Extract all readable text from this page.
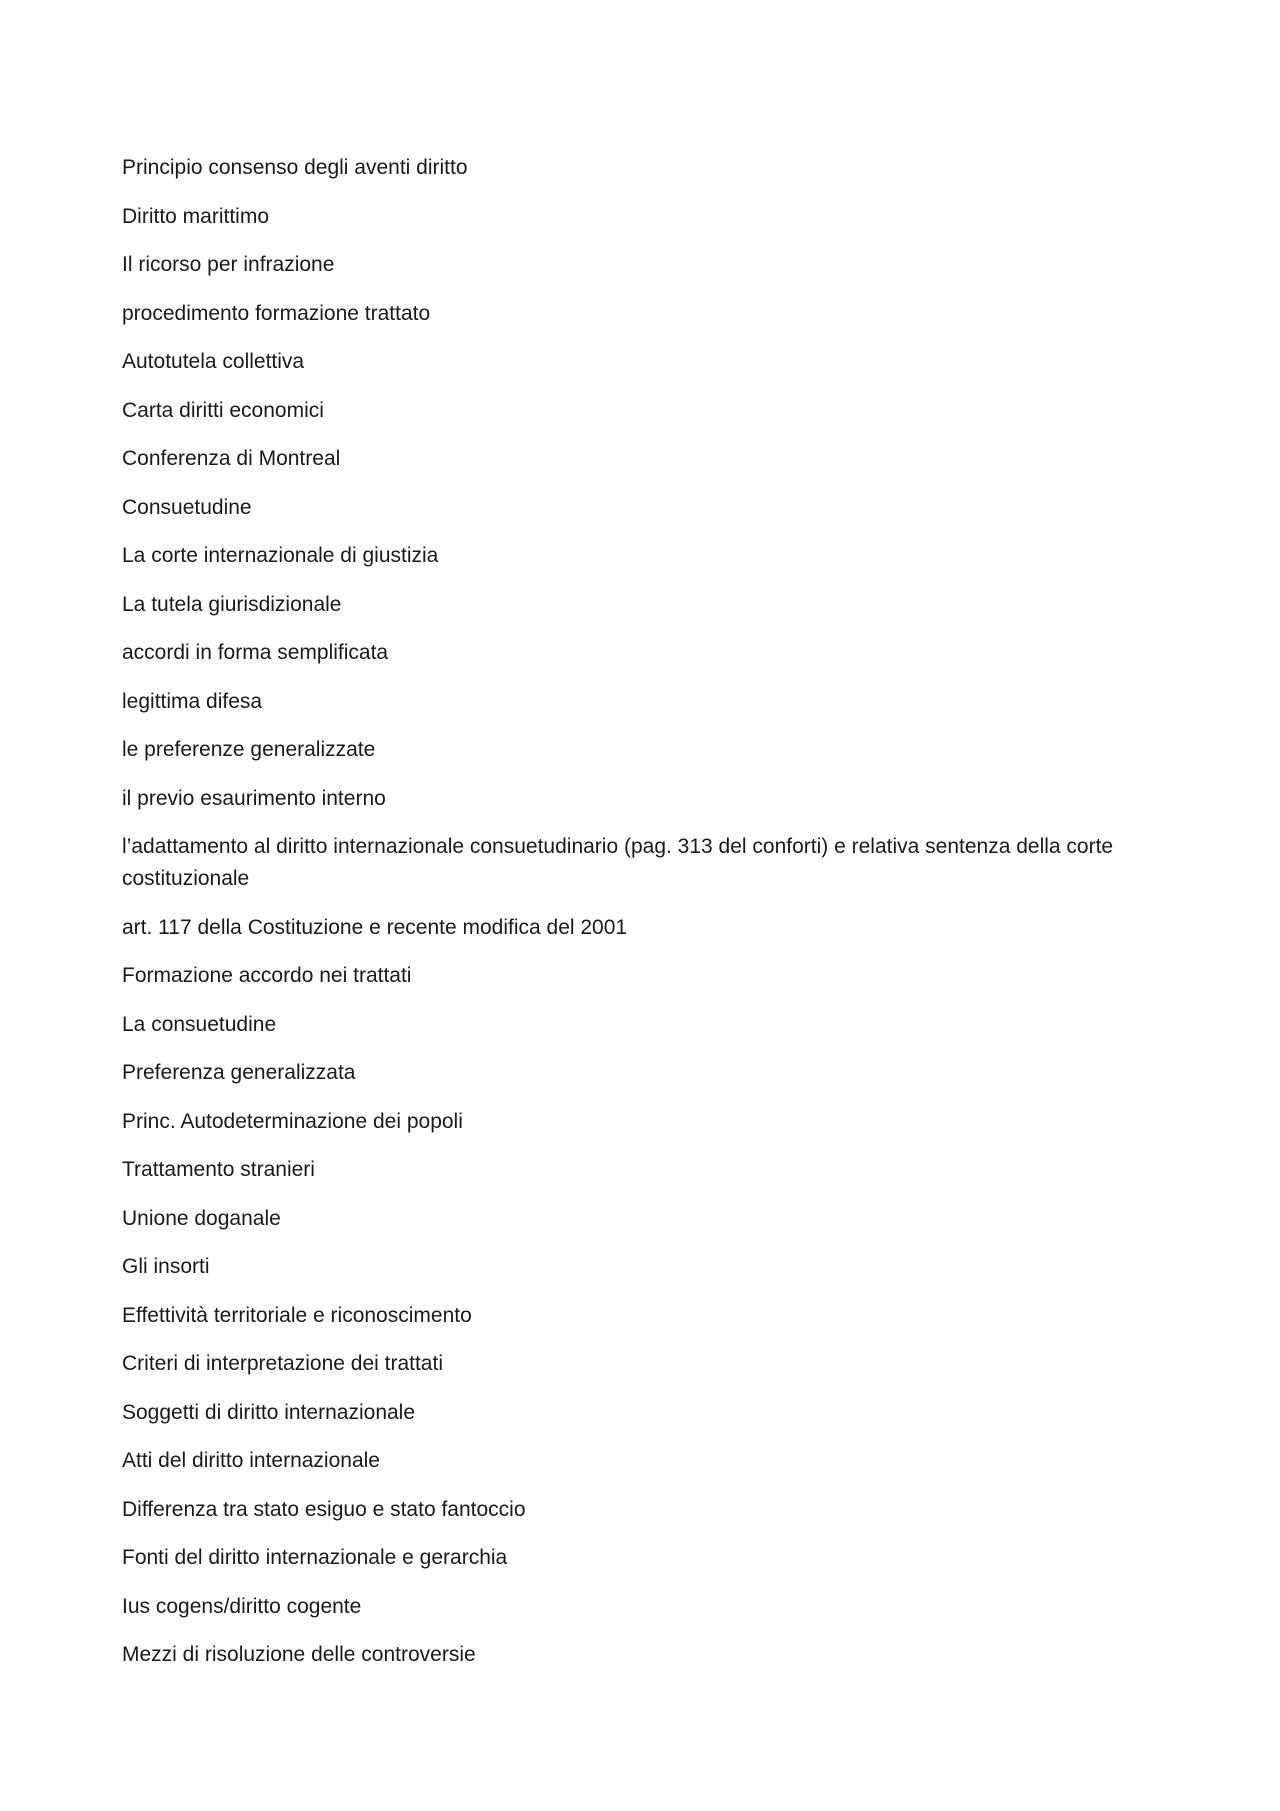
Principio consenso degli aventi diritto
Diritto marittimo
Il ricorso per infrazione
procedimento formazione trattato
Autotutela collettiva
Carta diritti economici
Conferenza di Montreal
Consuetudine
La corte internazionale di giustizia
La tutela giurisdizionale
accordi in forma semplificata
legittima difesa
le preferenze generalizzate
il previo esaurimento interno
l’adattamento al diritto internazionale consuetudinario (pag. 313 del conforti) e relativa sentenza della corte costituzionale
art. 117 della Costituzione e recente modifica del 2001
Formazione accordo nei trattati
La consuetudine
Preferenza generalizzata
Princ. Autodeterminazione dei popoli
Trattamento stranieri
Unione doganale
Gli insorti
Effettività territoriale e riconoscimento
Criteri di interpretazione dei trattati
Soggetti di diritto internazionale
Atti del diritto internazionale
Differenza tra stato esiguo e stato fantoccio
Fonti del diritto internazionale e gerarchia
Ius cogens/diritto cogente
Mezzi di risoluzione delle controversie
